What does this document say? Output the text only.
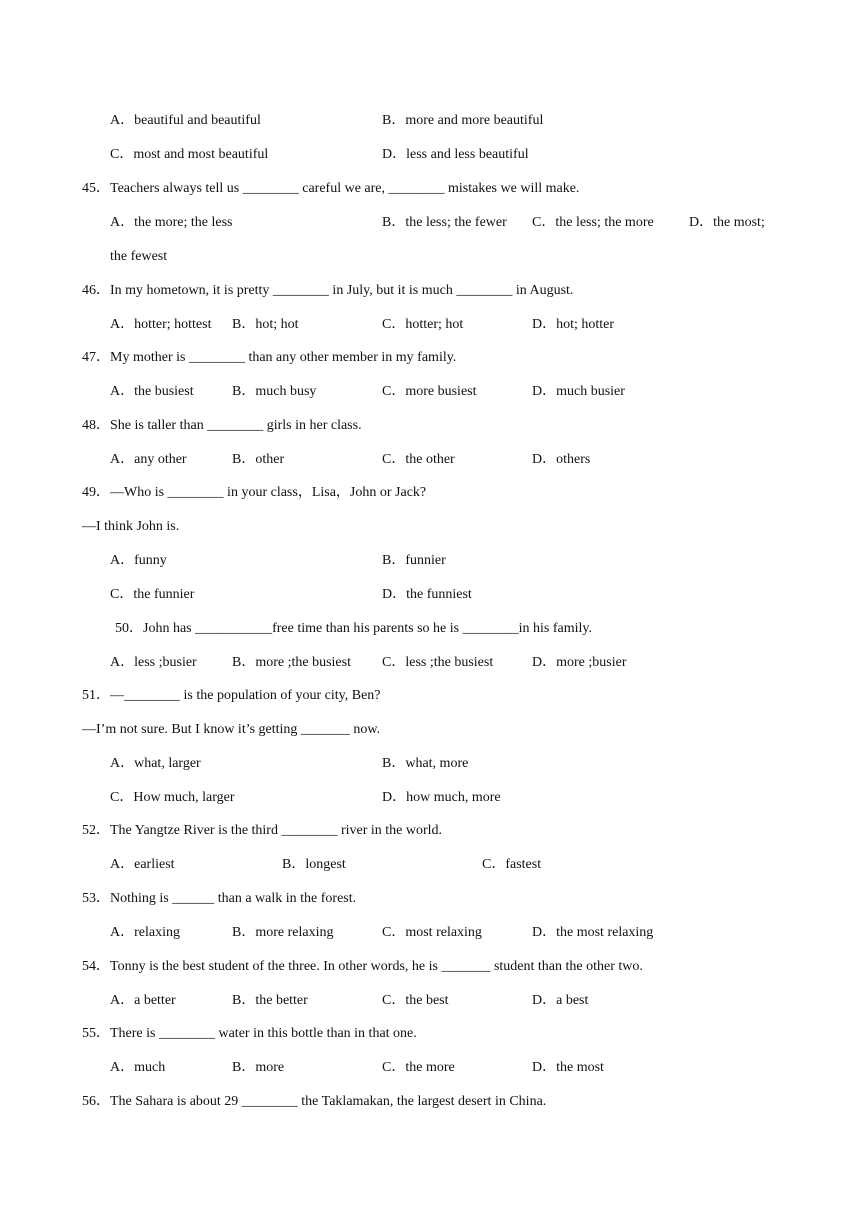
A．beautiful and beautiful	B．more and more beautiful
C．most and most beautiful	D．less and less beautiful
45．Teachers always tell us ________ careful we are, ________ mistakes we will make.
A．the more; the less	B．the less; the fewer C．the less; the more	D．the most;
the fewest
46．In my hometown, it is pretty ________ in July, but it is much ________ in August.
A．hotter; hottest B．hot; hot	C．hotter; hot	D．hot; hotter
47．My mother is ________ than any other member in my family.
A．the busiest	B．much busy	C．more busiest	D．much busier
48．She is taller than ________ girls in her class.
A．any other	B．other	C．the other	D．others
49．—Who is ________ in your class，Lisa，John or Jack?
—I think John is.
A．funny	B．funnier
C．the funnier	D．the funniest
50．John has ___________free time than his parents so he is ________in his family.
A．less ;busier	B．more ;the busiest C．less ;the busiest	D．more ;busier
51．—________ is the population of your city, Ben?
—I’m not sure. But I know it’s getting _______ now.
A．what, larger	B．what, more
C．How much, larger	D．how much, more
52．The Yangtze River is the third ________ river in the world.
A．earliest	B．longest	C．fastest
53．Nothing is ______ than a walk in the forest.
A．relaxing	B．more relaxing	C．most relaxing	D．the most relaxing
54．Tonny is the best student of the three. In other words, he is _______ student than the other two.
A．a better	B．the better	C．the best	D．a best
55．There is ________ water in this bottle than in that one.
A．much	B．more	C．the more	D．the most
56．The Sahara is about 29 ________ the Taklamakan, the largest desert in China.
